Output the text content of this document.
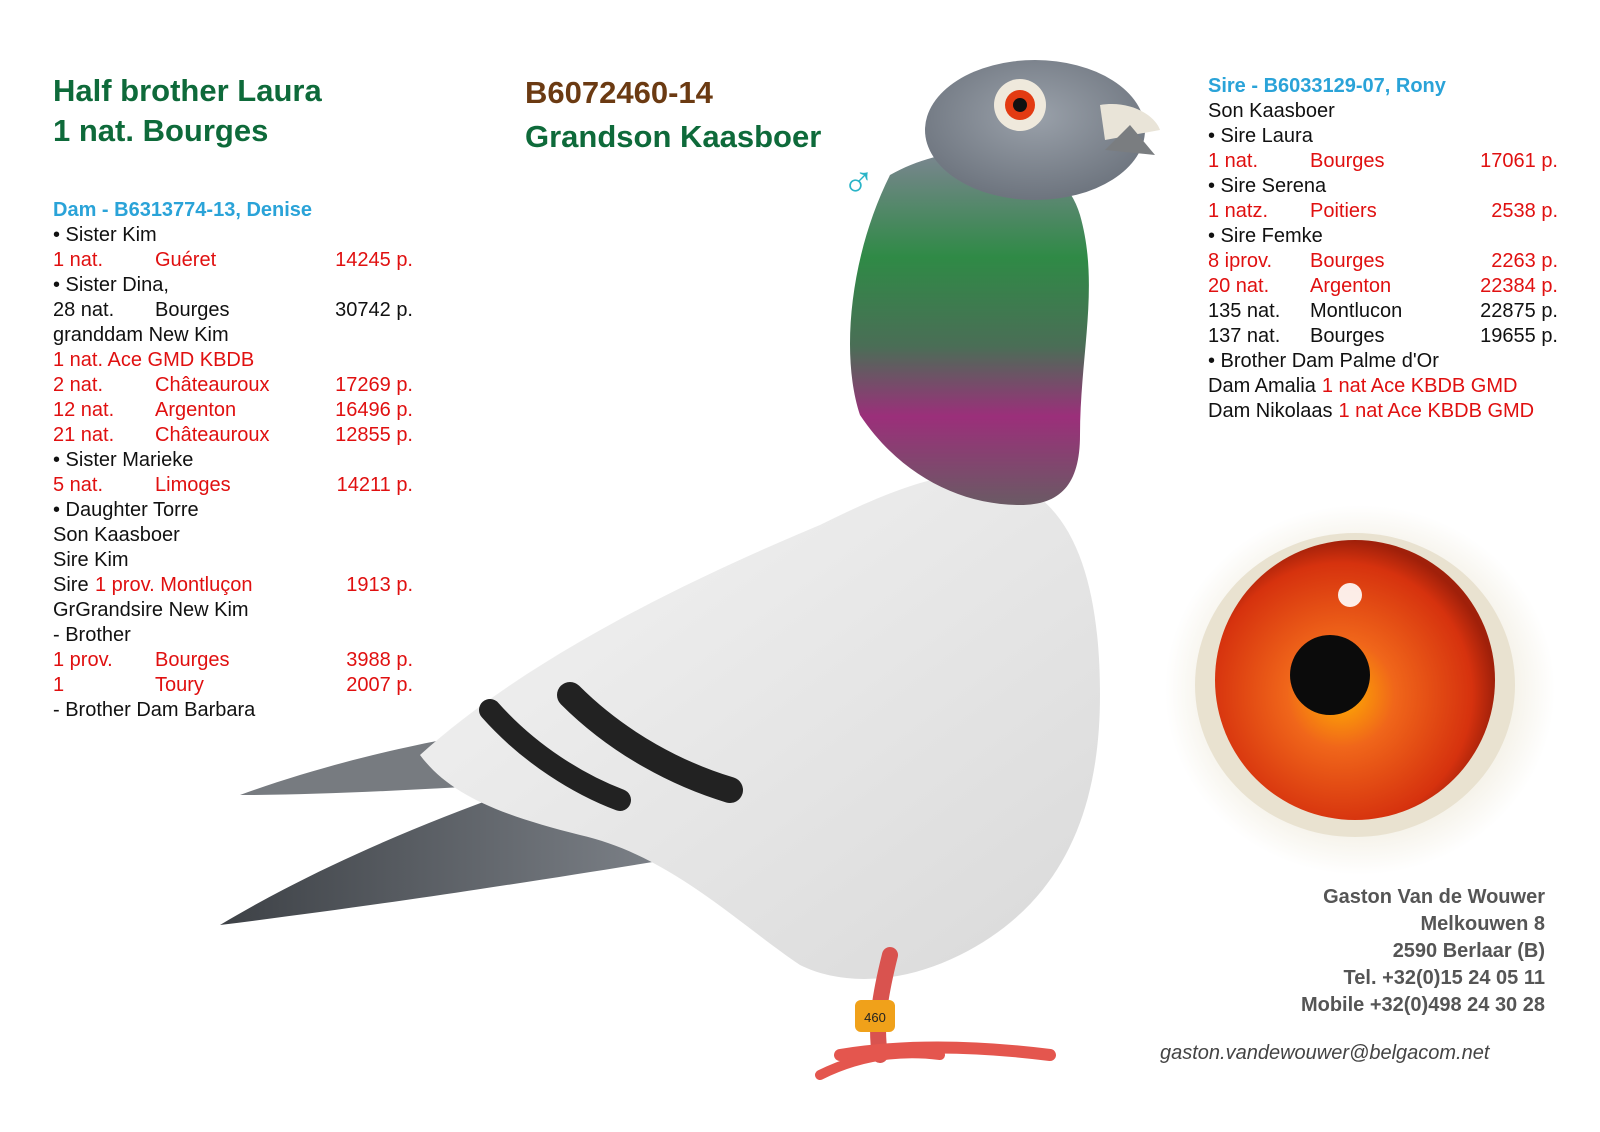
Half brother Laura
1 nat. Bourges
B6072460-14
Grandson Kaasboer
♂
Dam - B6313774-13, Denise
• Sister Kim
1 nat.	Guéret	14245 p.
• Sister Dina,
28 nat. Bourges	30742 p.
granddam New Kim
1 nat. Ace GMD KBDB
2 nat.	Châteauroux	17269 p.
12 nat. Argenton	16496 p.
21 nat. Châteauroux	12855 p.
• Sister Marieke
5 nat.	Limoges	14211 p.
• Daughter Torre
Son Kaasboer
Sire Kim
Sire 1 prov. Montluçon	1913 p.
GrGrandsire New Kim
- Brother
1 prov. Bourges	3988 p.
1	Toury	2007 p.
- Brother Dam Barbara
Sire - B6033129-07, Rony
Son Kaasboer
• Sire Laura
1 nat.	Bourges	17061 p.
• Sire Serena
1 natz. Poitiers	2538 p.
• Sire Femke
8 iprov. Bourges	2263 p.
20 nat. Argenton	22384 p.
135 nat. Montlucon	22875 p.
137 nat. Bourges	19655 p.
• Brother Dam Palme d'Or
Dam Amalia 1 nat Ace KBDB GMD
Dam Nikolaas 1 nat Ace KBDB GMD
460
Gaston Van de Wouwer
Melkouwen 8
2590 Berlaar (B)
Tel. +32(0)15 24 05 11
Mobile +32(0)498 24 30 28
gaston.vandewouwer@belgacom.net
